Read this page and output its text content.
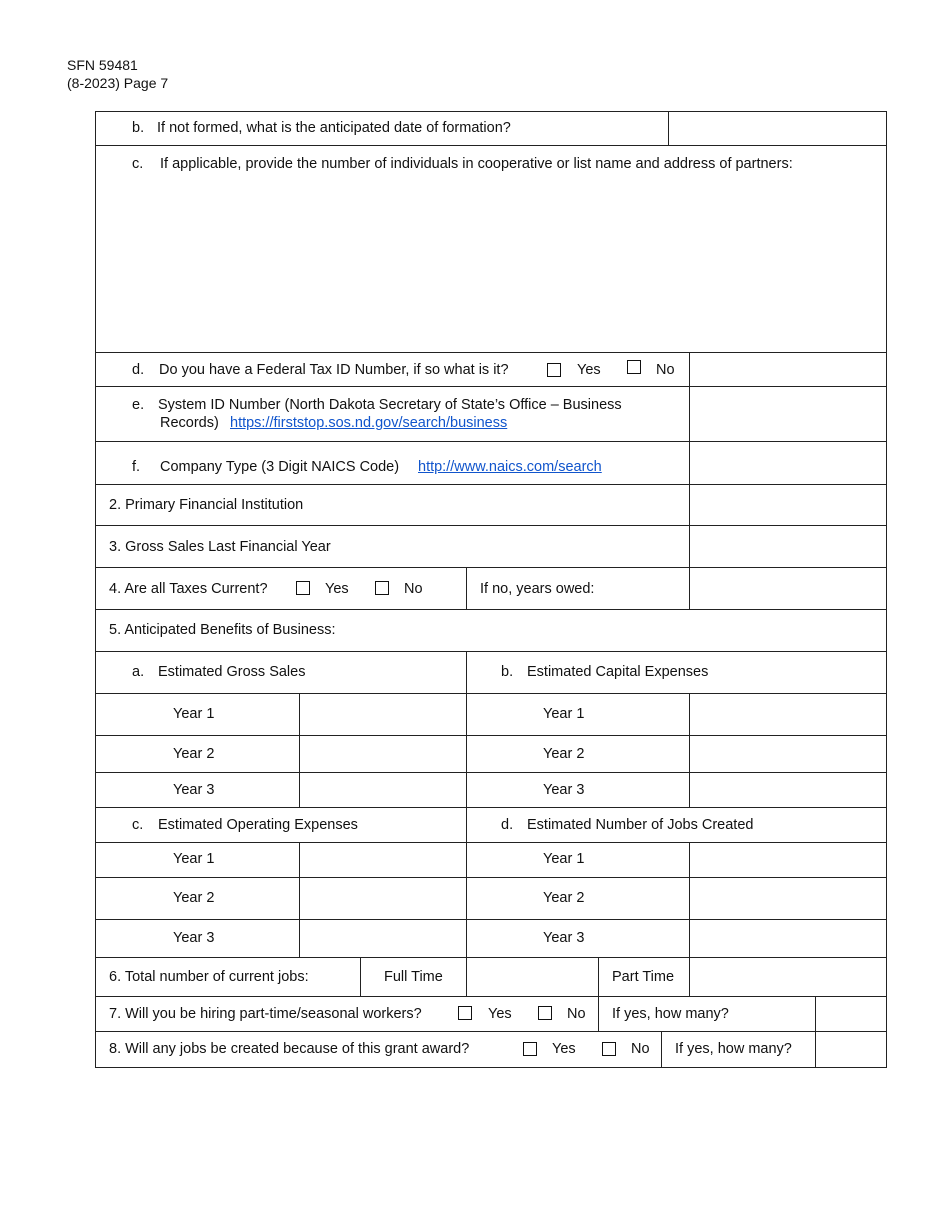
SFN 59481
(8-2023) Page 7
b. If not formed, what is the anticipated date of formation?
c. If applicable, provide the number of individuals in cooperative or list name and address of partners:
d. Do you have a Federal Tax ID Number, if so what is it?	Yes	No
e. System ID Number (North Dakota Secretary of State’s Office – Business
Records) https://firststop.sos.nd.gov/search/business
f. Company Type (3 Digit NAICS Code) http://www.naics.com/search
2. Primary Financial Institution
3. Gross Sales Last Financial Year
4. Are all Taxes Current?	Yes	No	If no, years owed:
5. Anticipated Benefits of Business:
a. Estimated Gross Sales	b. Estimated Capital Expenses
Year 1	Year 1
Year 2	Year 2
Year 3	Year 3
c. Estimated Operating Expenses	d. Estimated Number of Jobs Created
Year 1	Year 1
Year 2	Year 2
Year 3	Year 3
6. Total number of current jobs:	Full Time	Part Time
7. Will you be hiring part-time/seasonal workers?	Yes	No If yes, how many?
8. Will any jobs be created because of this grant award?	Yes	No If yes, how many?
